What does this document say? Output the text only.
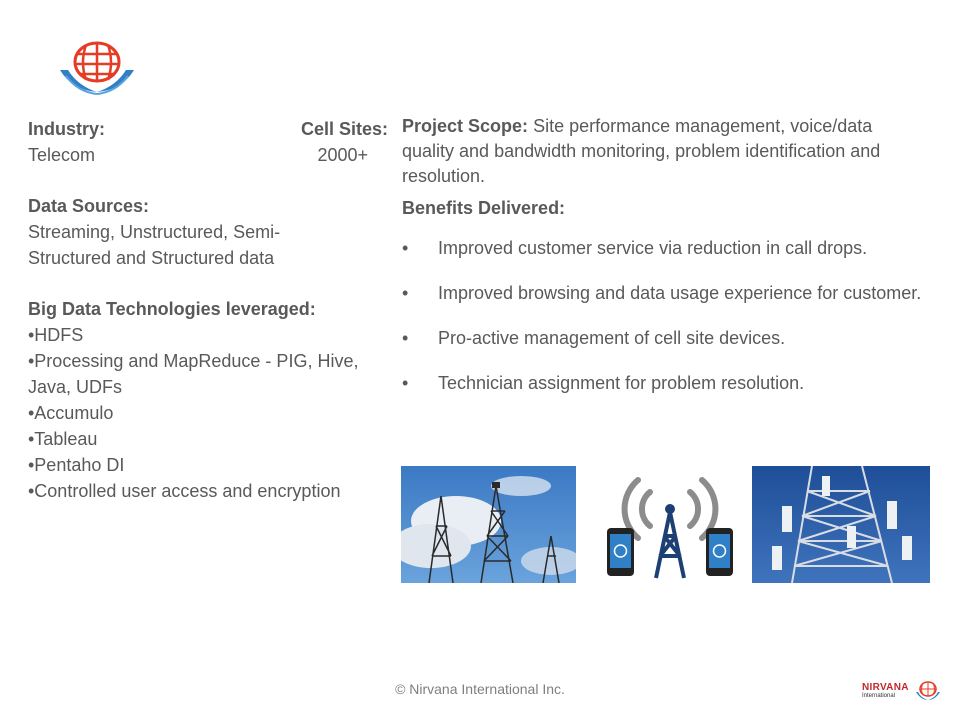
Industry:
Telecom
Cell Sites:
2000+
Data Sources:
Streaming, Unstructured, Semi-
Structured and Structured data
Big Data Technologies leveraged:
•HDFS
•Processing and MapReduce - PIG, Hive,
Java, UDFs
•Accumulo
•Tableau
•Pentaho DI
•Controlled user access and encryption
Project Scope: Site performance management, voice/data quality and bandwidth monitoring, problem identification and resolution.
Benefits Delivered:
• Improved customer service via reduction in call drops.
• Improved browsing and data usage experience for customer.
• Pro-active management of cell site devices.
• Technician assignment for problem resolution.
© Nirvana International Inc.	NIRVANA
International
